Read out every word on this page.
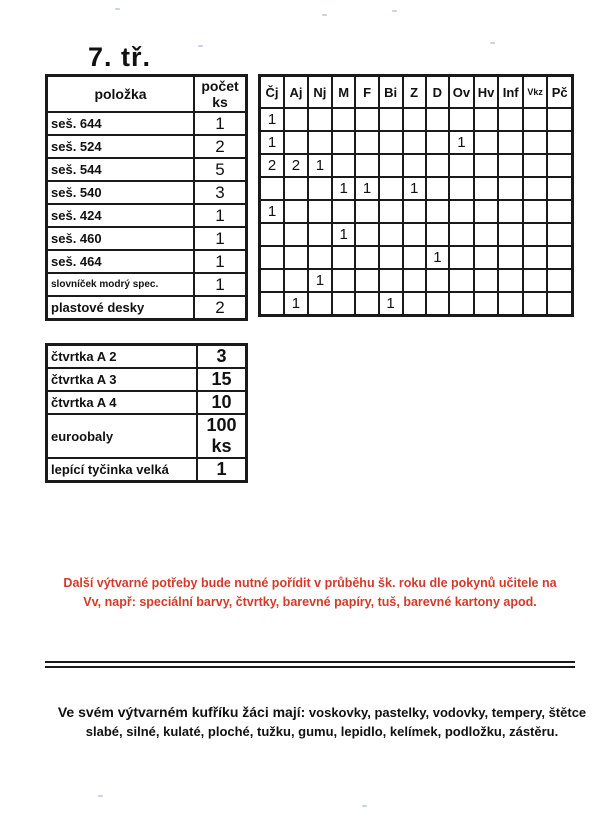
7. tř.
položka	počet ks
seš. 644	1
seš. 524	2
seš. 544	5
seš. 540	3
seš. 424	1
seš. 460	1
seš. 464	1
slovníček modrý spec.	1
plastové desky	2
Čj	Aj	Nj	M	F	Bi	Z	D	Ov	Hv	Inf	Vkz	Pč
1												
1								1				
2	2	1										
			1	1		1						
1												
			1									
							1					
		1										
	1				1							
čtvrtka A 2	3
čtvrtka A 3	15
čtvrtka A 4	10
euroobaly	100 ks
lepící tyčinka velká	1
Další výtvarné potřeby bude nutné pořídit v průběhu šk. roku dle pokynů učitele na Vv, např: speciální barvy, čtvrtky, barevné papíry, tuš, barevné kartony apod.
Ve svém výtvarném kufříku žáci mají: voskovky, pastelky, vodovky, tempery, štětce slabé, silné, kulaté, ploché, tužku, gumu, lepidlo, kelímek, podložku, zástěru.
